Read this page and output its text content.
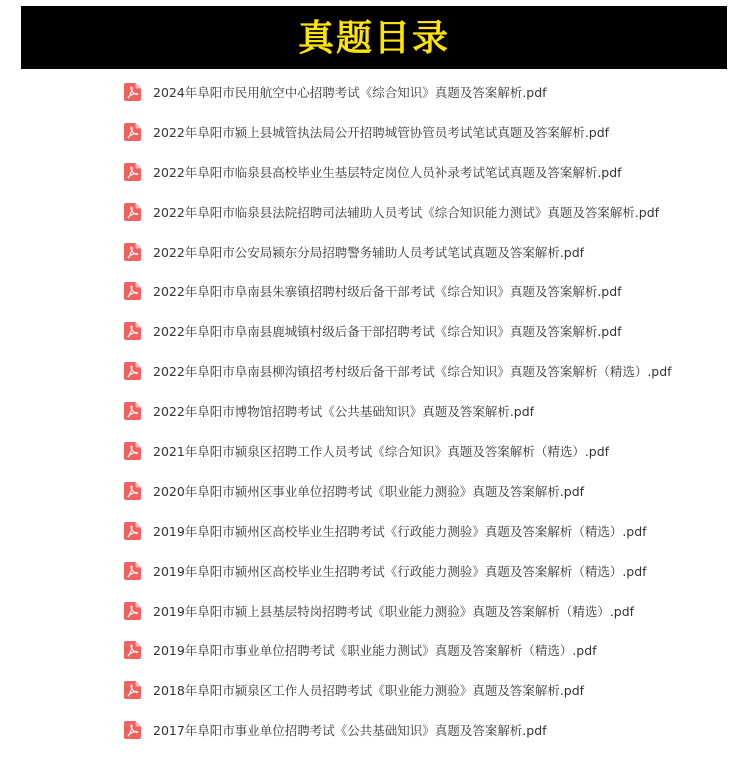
真题目录
2024年阜阳市民用航空中心招聘考试《综合知识》真题及答案解析.pdf
2022年阜阳市颍上县城管执法局公开招聘城管协管员考试笔试真题及答案解析.pdf
2022年阜阳市临泉县高校毕业生基层特定岗位人员补录考试笔试真题及答案解析.pdf
2022年阜阳市临泉县法院招聘司法辅助人员考试《综合知识能力测试》真题及答案解析.pdf
2022年阜阳市公安局颍东分局招聘警务辅助人员考试笔试真题及答案解析.pdf
2022年阜阳市阜南县朱寨镇招聘村级后备干部考试《综合知识》真题及答案解析.pdf
2022年阜阳市阜南县鹿城镇村级后备干部招聘考试《综合知识》真题及答案解析.pdf
2022年阜阳市阜南县柳沟镇招考村级后备干部考试《综合知识》真题及答案解析（精选）.pdf
2022年阜阳市博物馆招聘考试《公共基础知识》真题及答案解析.pdf
2021年阜阳市颍泉区招聘工作人员考试《综合知识》真题及答案解析（精选）.pdf
2020年阜阳市颍州区事业单位招聘考试《职业能力测验》真题及答案解析.pdf
2019年阜阳市颍州区高校毕业生招聘考试《行政能力测验》真题及答案解析（精选）.pdf
2019年阜阳市颍州区高校毕业生招聘考试《行政能力测验》真题及答案解析（精选）.pdf
2019年阜阳市颍上县基层特岗招聘考试《职业能力测验》真题及答案解析（精选）.pdf
2019年阜阳市事业单位招聘考试《职业能力测试》真题及答案解析（精选）.pdf
2018年阜阳市颍泉区工作人员招聘考试《职业能力测验》真题及答案解析.pdf
2017年阜阳市事业单位招聘考试《公共基础知识》真题及答案解析.pdf
